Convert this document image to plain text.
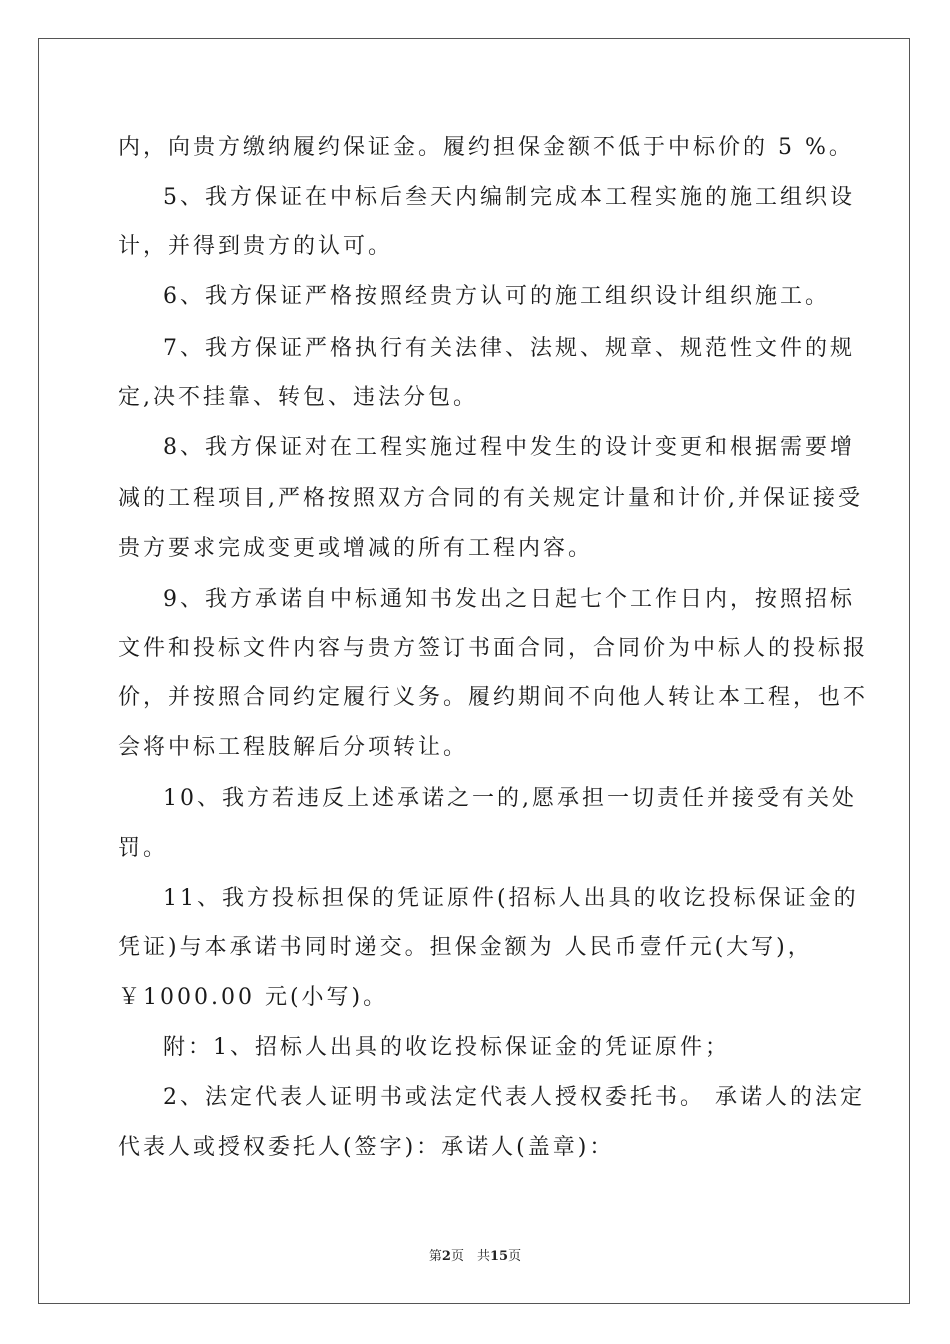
内，向贵方缴纳履约保证金。履约担保金额不低于中标价的 5 %。
5、我方保证在中标后叁天内编制完成本工程实施的施工组织设
计，并得到贵方的认可。
6、我方保证严格按照经贵方认可的施工组织设计组织施工。
7、我方保证严格执行有关法律、法规、规章、规范性文件的规
定,决不挂靠、转包、违法分包。
8、我方保证对在工程实施过程中发生的设计变更和根据需要增
减的工程项目,严格按照双方合同的有关规定计量和计价,并保证接受
贵方要求完成变更或增减的所有工程内容。
9、我方承诺自中标通知书发出之日起七个工作日内，按照招标
文件和投标文件内容与贵方签订书面合同，合同价为中标人的投标报
价，并按照合同约定履行义务。履约期间不向他人转让本工程，也不
会将中标工程肢解后分项转让。
10、我方若违反上述承诺之一的,愿承担一切责任并接受有关处
罚。
11、我方投标担保的凭证原件(招标人出具的收讫投标保证金的
凭证)与本承诺书同时递交。担保金额为 人民币壹仟元(大写)，
￥1000.00 元(小写)。
附：1、招标人出具的收讫投标保证金的凭证原件；
2、法定代表人证明书或法定代表人授权委托书。 承诺人的法定
代表人或授权委托人(签字)：承诺人(盖章)：
第2页　共15页
